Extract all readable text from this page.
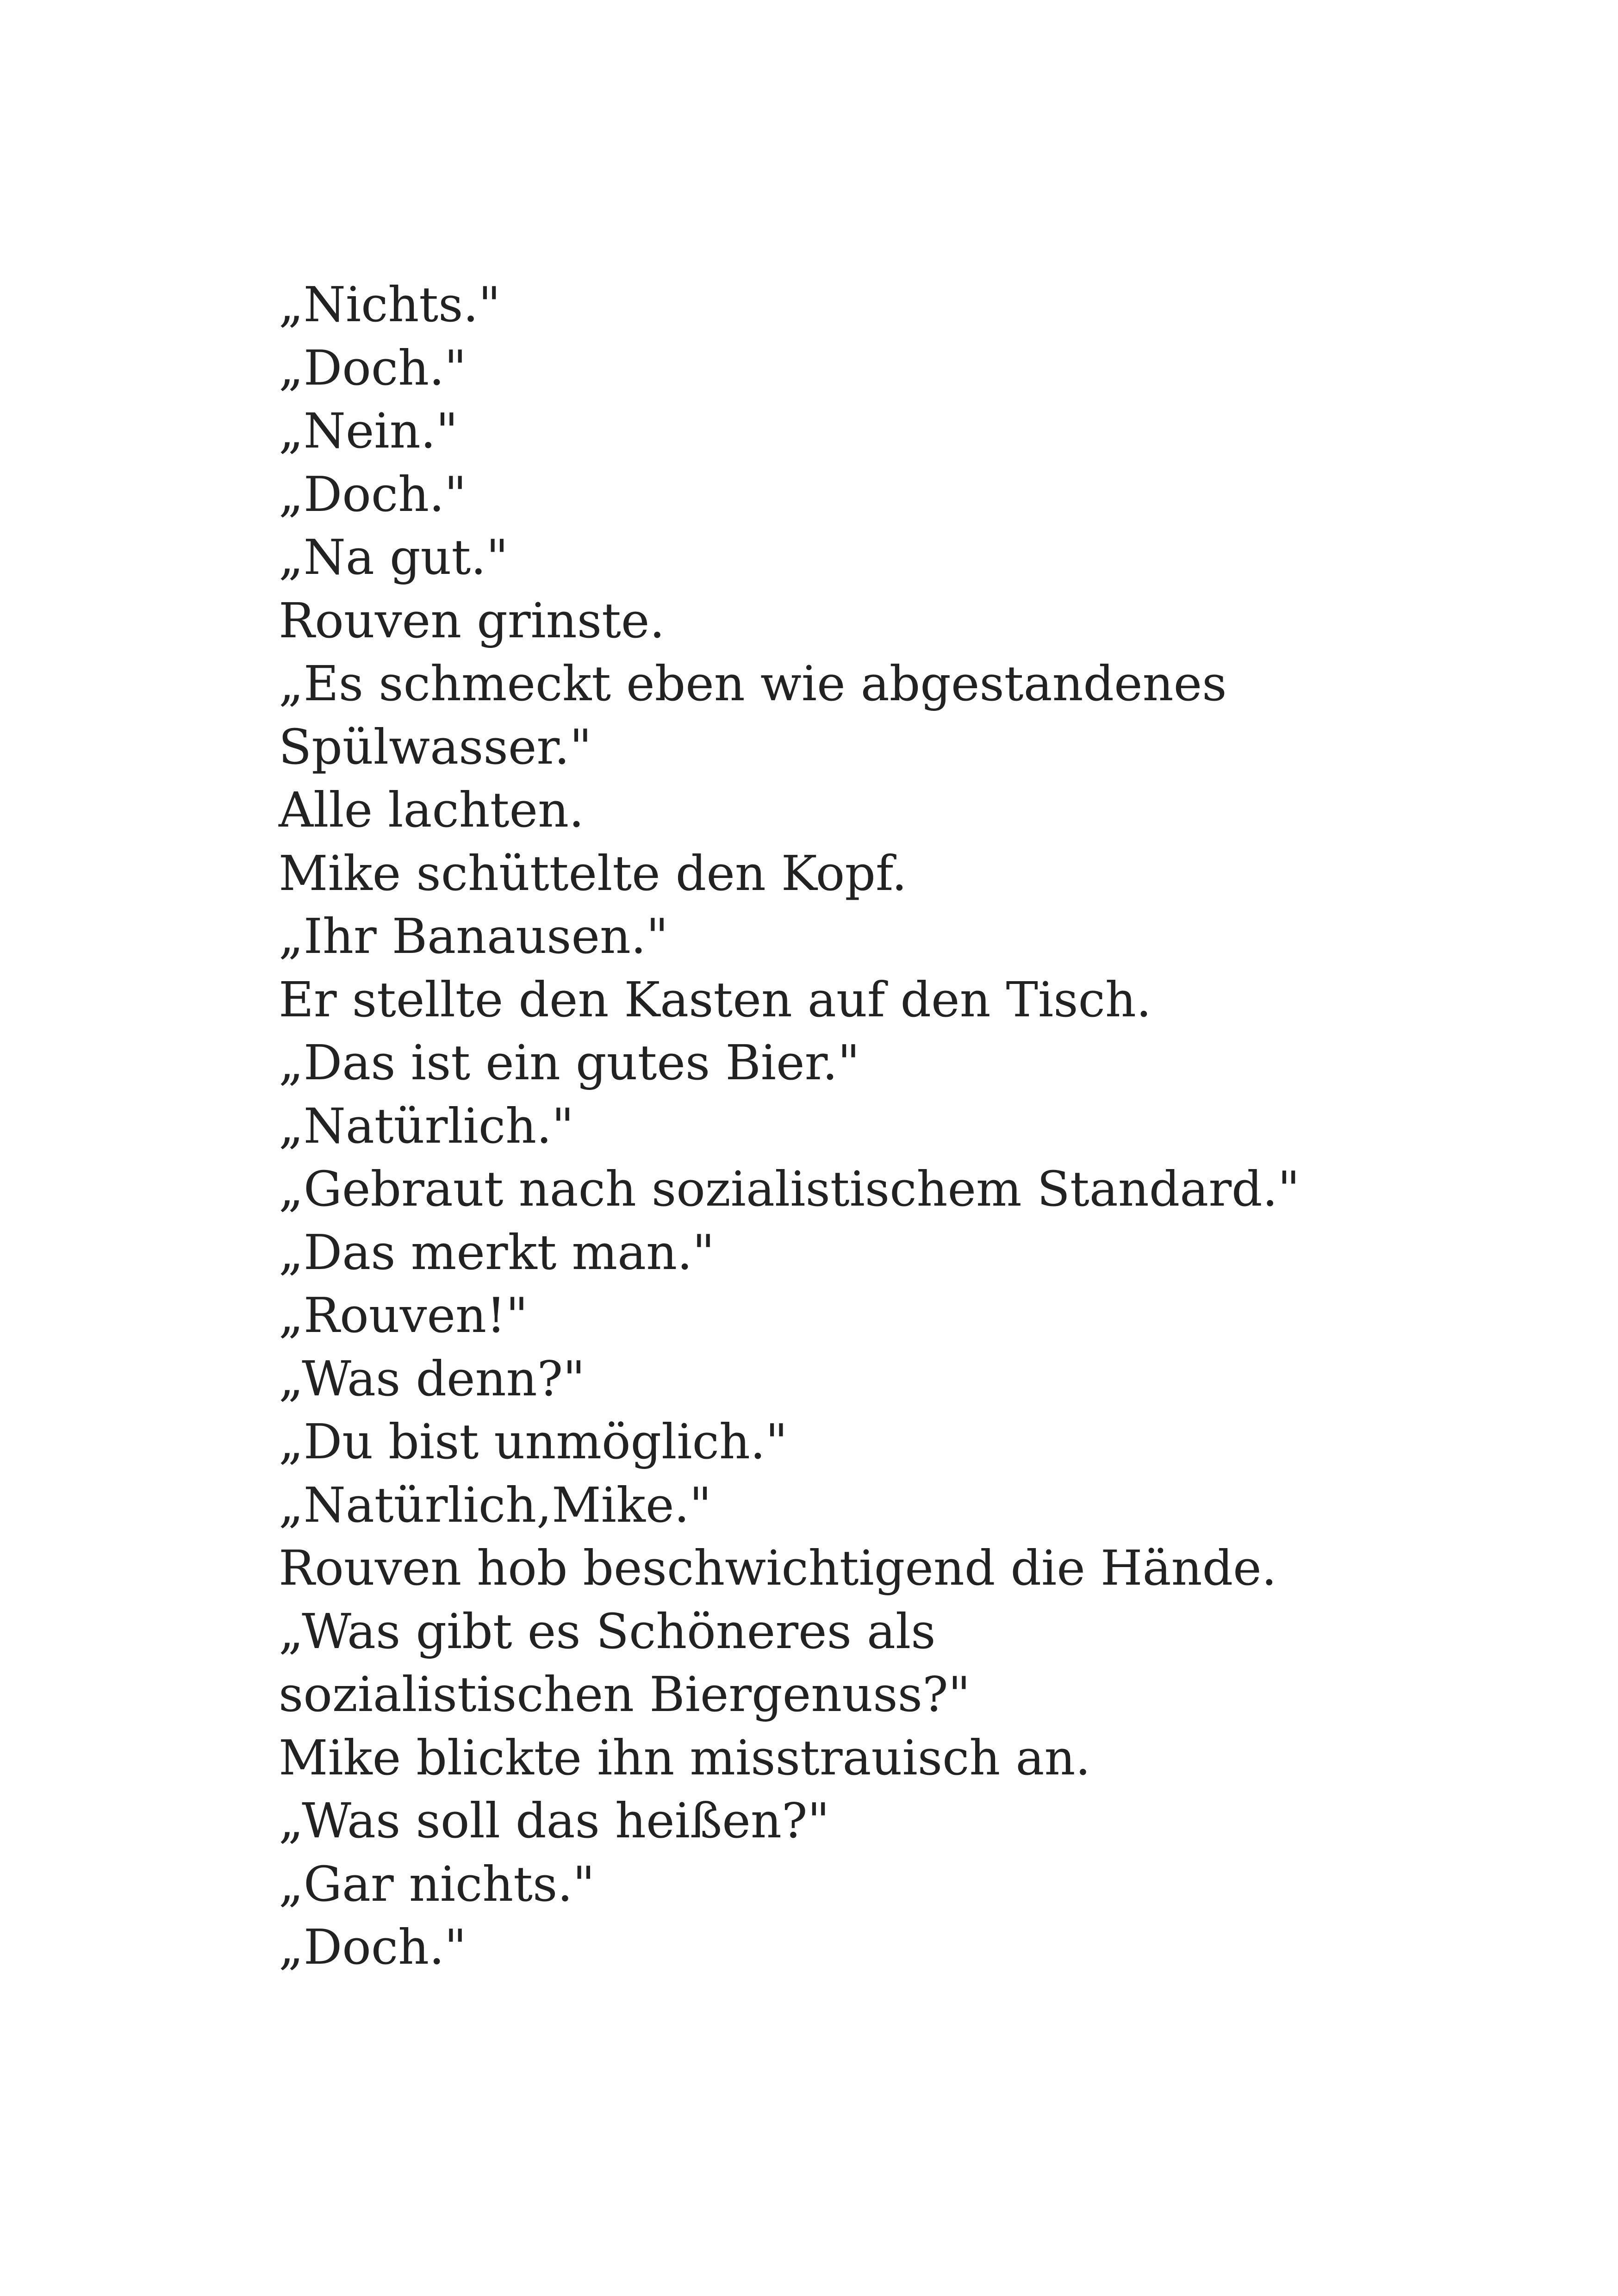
„Nichts."

„Doch."

„Nein."

„Doch."

„Na gut."

Rouven grinste.

„Es schmeckt eben wie abgestandenes Spülwasser."

Alle lachten.

Mike schüttelte den Kopf.

„Ihr Banausen."

Er stellte den Kasten auf den Tisch.

„Das ist ein gutes Bier."

„Natürlich."

„Gebraut nach sozialistischem Standard."

„Das merkt man."

„Rouven!"

„Was denn?"

„Du bist unmöglich."

„Natürlich,Mike."

Rouven hob beschwichtigend die Hände.

„Was gibt es Schöneres als sozialistischen Biergenuss?"

Mike blickte ihn misstrauisch an.

„Was soll das heißen?"

„Gar nichts."

„Doch."
